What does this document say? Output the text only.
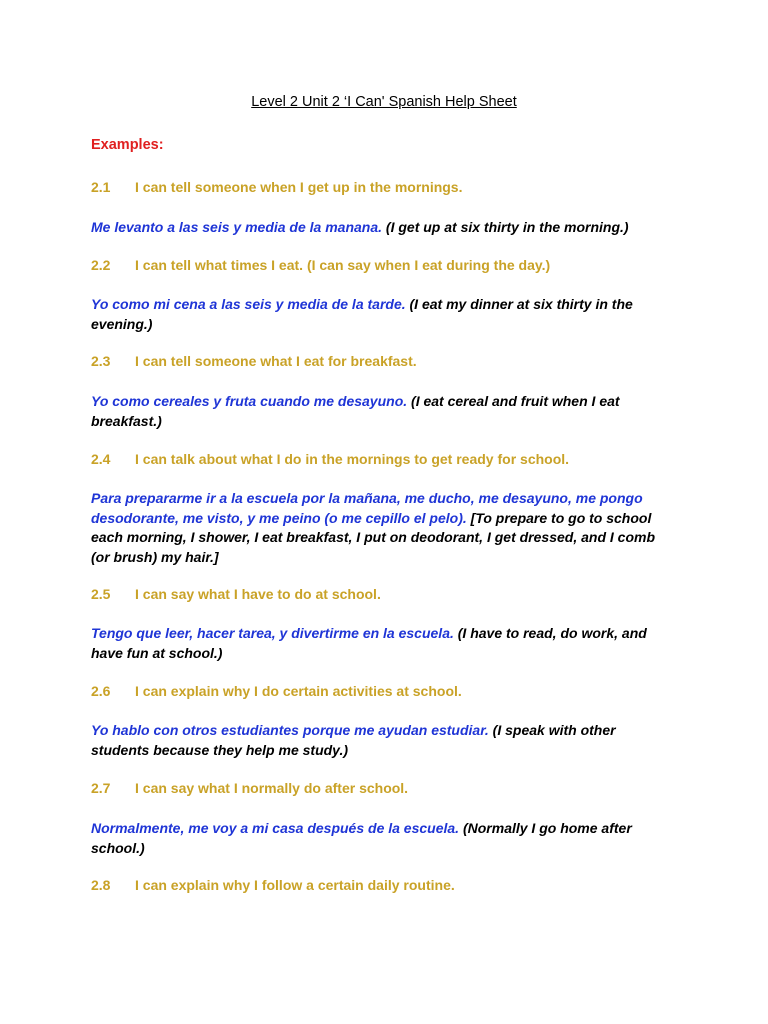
Level 2 Unit 2 ‘I Can' Spanish Help Sheet
Examples:
2.1 I can tell someone when I get up in the mornings.
Me levanto a las seis y media de la manana. (I get up at six thirty in the morning.)
2.2 I can tell what times I eat. (I can say when I eat during the day.)
Yo como mi cena a las seis y media de la tarde. (I eat my dinner at six thirty in the evening.)
2.3 I can tell someone what I eat for breakfast.
Yo como cereales y fruta cuando me desayuno. (I eat cereal and fruit when I eat breakfast.)
2.4 I can talk about what I do in the mornings to get ready for school.
Para prepararme ir a la escuela por la mañana, me ducho, me desayuno, me pongo desodorante, me visto, y me peino (o me cepillo el pelo). [To prepare to go to school each morning, I shower, I eat breakfast, I put on deodorant, I get dressed, and I comb (or brush) my hair.]
2.5 I can say what I have to do at school.
Tengo que leer, hacer tarea, y divertirme en la escuela. (I have to read, do work, and have fun at school.)
2.6 I can explain why I do certain activities at school.
Yo hablo con otros estudiantes porque me ayudan estudiar. (I speak with other students because they help me study.)
2.7 I can say what I normally do after school.
Normalmente, me voy a mi casa después de la escuela. (Normally I go home after school.)
2.8 I can explain why I follow a certain daily routine.
